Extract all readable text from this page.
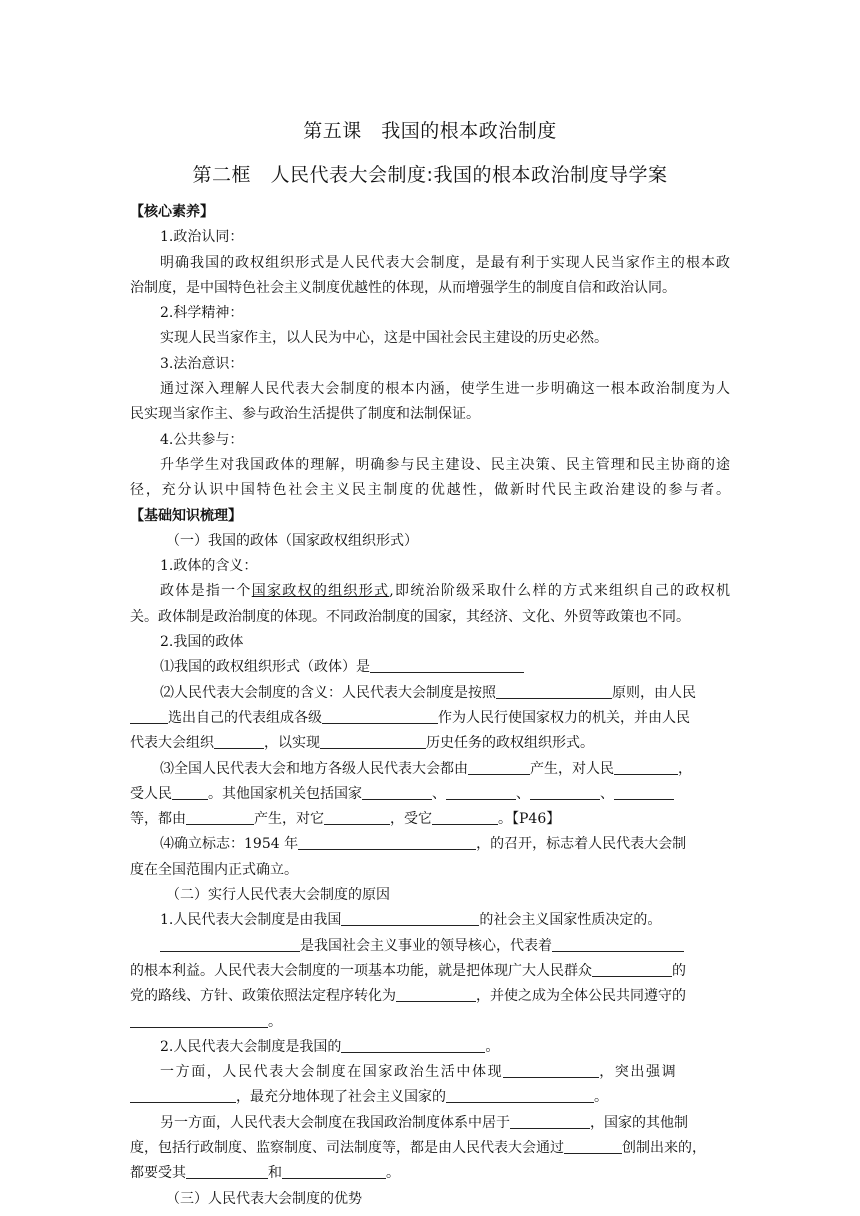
第五课　我国的根本政治制度
第二框　人民代表大会制度:我国的根本政治制度导学案
【核心素养】
1.政治认同：
明确我国的政权组织形式是人民代表大会制度，是最有利于实现人民当家作主的根本政
治制度，是中国特色社会主义制度优越性的体现，从而增强学生的制度自信和政治认同。
2.科学精神：
实现人民当家作主，以人民为中心，这是中国社会民主建设的历史必然。
3.法治意识：
通过深入理解人民代表大会制度的根本内涵，使学生进一步明确这一根本政治制度为人
民实现当家作主、参与政治生活提供了制度和法制保证。
4.公共参与：
升华学生对我国政体的理解，明确参与民主建设、民主决策、民主管理和民主协商的途
径，充分认识中国特色社会主义民主制度的优越性，做新时代民主政治建设的参与者。
【基础知识梳理】
（一）我国的政体（国家政权组织形式）
1.政体的含义：
政体是指一个国家政权的组织形式,即统治阶级采取什么样的方式来组织自己的政权机
关。政体制是政治制度的体现。不同政治制度的国家，其经济、文化、外贸等政策也不同。
2.我国的政体
⑴我国的政权组织形式（政体）是
⑵人民代表大会制度的含义：人民代表大会制度是按照	原则，由人民
选出自己的代表组成各级	作为人民行使国家权力的机关，并由人民
代表大会组织	，以实现	历史任务的政权组织形式。
⑶全国人民代表大会和地方各级人民代表大会都由	产生，对人民	，
受人民	。其他国家机关包括国家	、	、	、
等，都由	产生，对它	，受它	。【P46】
⑷确立标志：1954 年	，的召开，标志着人民代表大会制
度在全国范围内正式确立。
（二）实行人民代表大会制度的原因
1.人民代表大会制度是由我国	的社会主义国家性质决定的。
是我国社会主义事业的领导核心，代表着
的根本利益。人民代表大会制度的一项基本功能，就是把体现广大人民群众	的
党的路线、方针、政策依照法定程序转化为	，并使之成为全体公民共同遵守的
。
2.人民代表大会制度是我国的	。
一方面，人民代表大会制度在国家政治生活中体现	，突出强调
，最充分地体现了社会主义国家的	。
另一方面，人民代表大会制度在我国政治制度体系中居于	，国家的其他制
度，包括行政制度、监察制度、司法制度等，都是由人民代表大会通过	创制出来的，
都要受其	和	。
（三）人民代表大会制度的优势
